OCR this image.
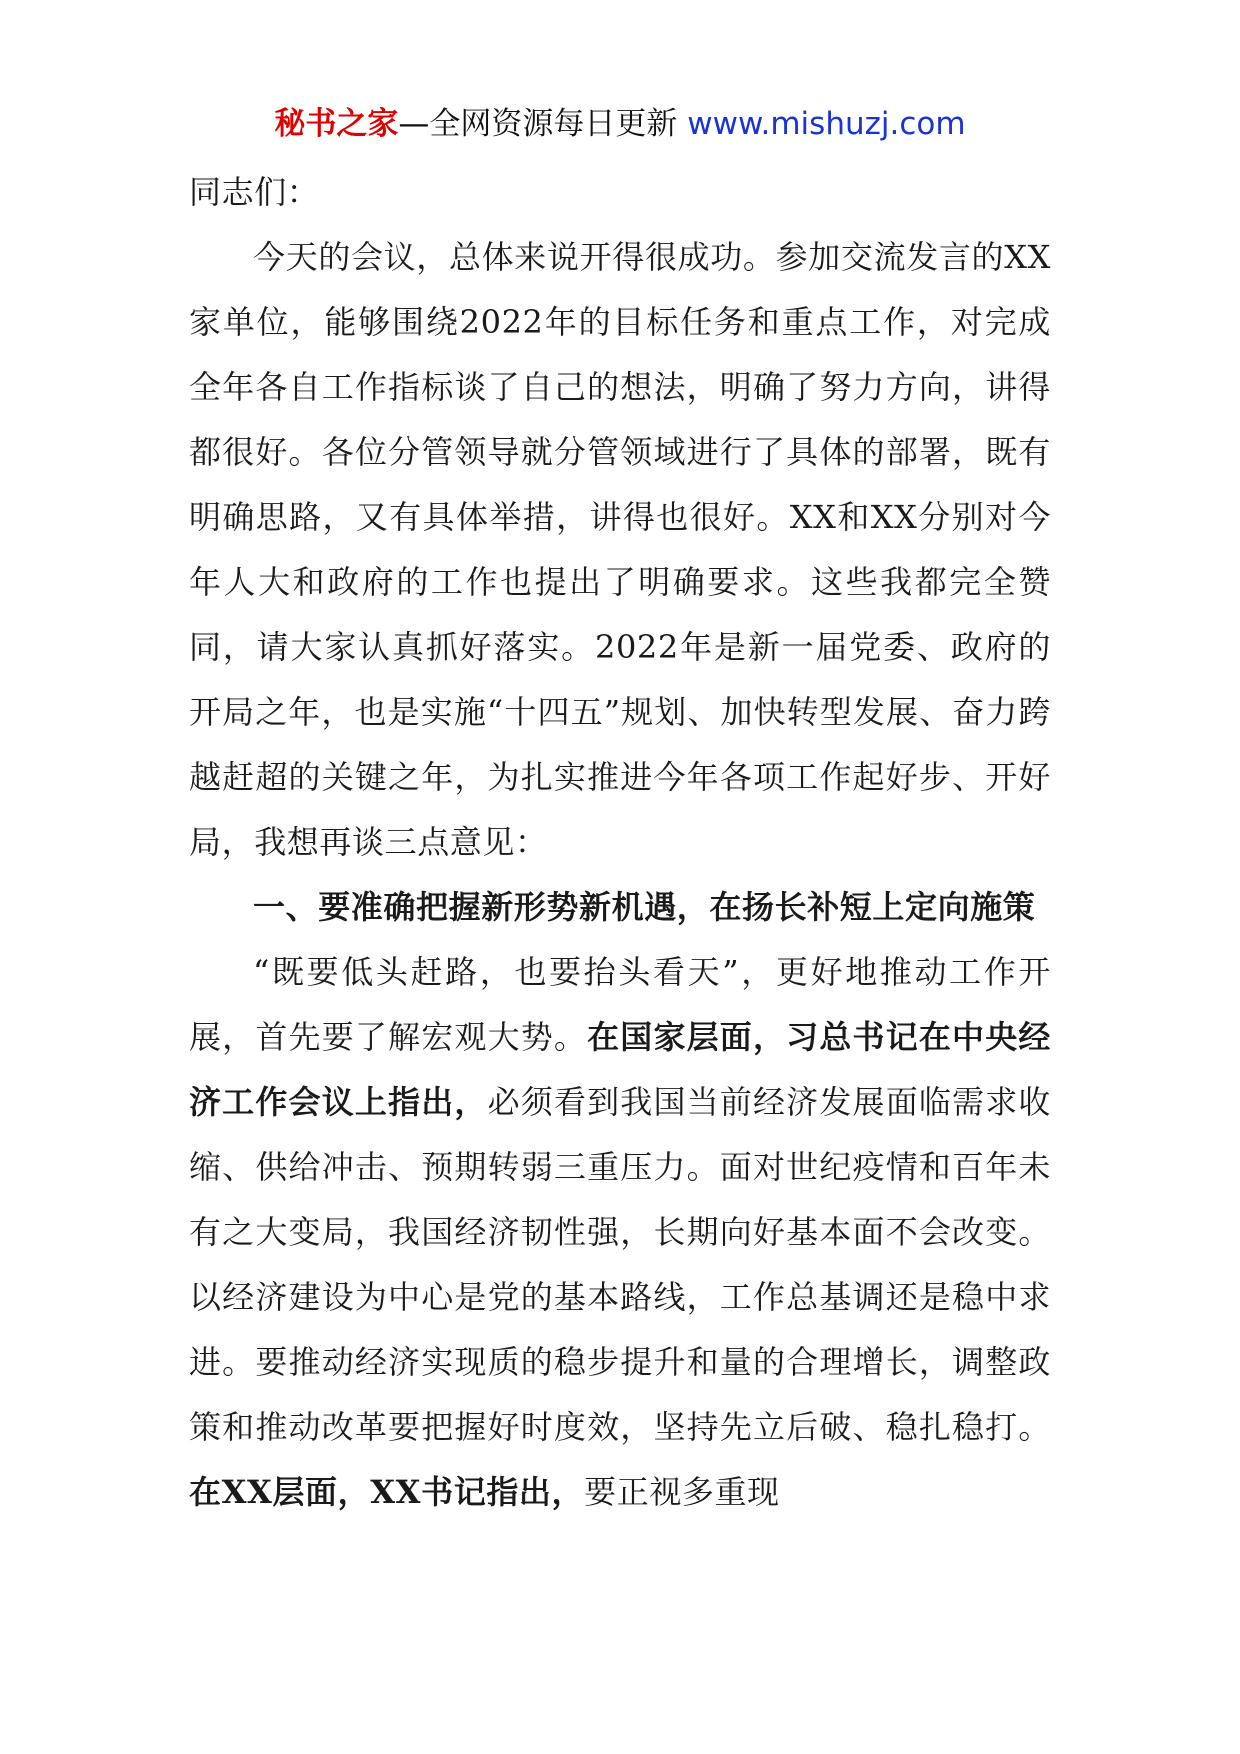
秘书之家—全网资源每日更新 www.mishuzj.com

同志们：

今天的会议，总体来说开得很成功。参加交流发言的XX家单位，能够围绕2022年的目标任务和重点工作，对完成全年各自工作指标谈了自己的想法，明确了努力方向，讲得都很好。各位分管领导就分管领域进行了具体的部署，既有明确思路，又有具体举措，讲得也很好。XX和XX分别对今年人大和政府的工作也提出了明确要求。这些我都完全赞同，请大家认真抓好落实。2022年是新一届党委、政府的开局之年，也是实施“十四五”规划、加快转型发展、奋力跨越赶超的关键之年，为扎实推进今年各项工作起好步、开好局，我想再谈三点意见：

一、要准确把握新形势新机遇，在扬长补短上定向施策

“既要低头赶路，也要抬头看天”，更好地推动工作开展，首先要了解宏观大势。在国家层面，习总书记在中央经济工作会议上指出，必须看到我国当前经济发展面临需求收缩、供给冲击、预期转弱三重压力。面对世纪疫情和百年未有之大变局，我国经济韧性强，长期向好基本面不会改变。以经济建设为中心是党的基本路线，工作总基调还是稳中求进。要推动经济实现质的稳步提升和量的合理增长，调整政策和推动改革要把握好时度效，坚持先立后破、稳扎稳打。在XX层面，XX书记指出，要正视多重现
